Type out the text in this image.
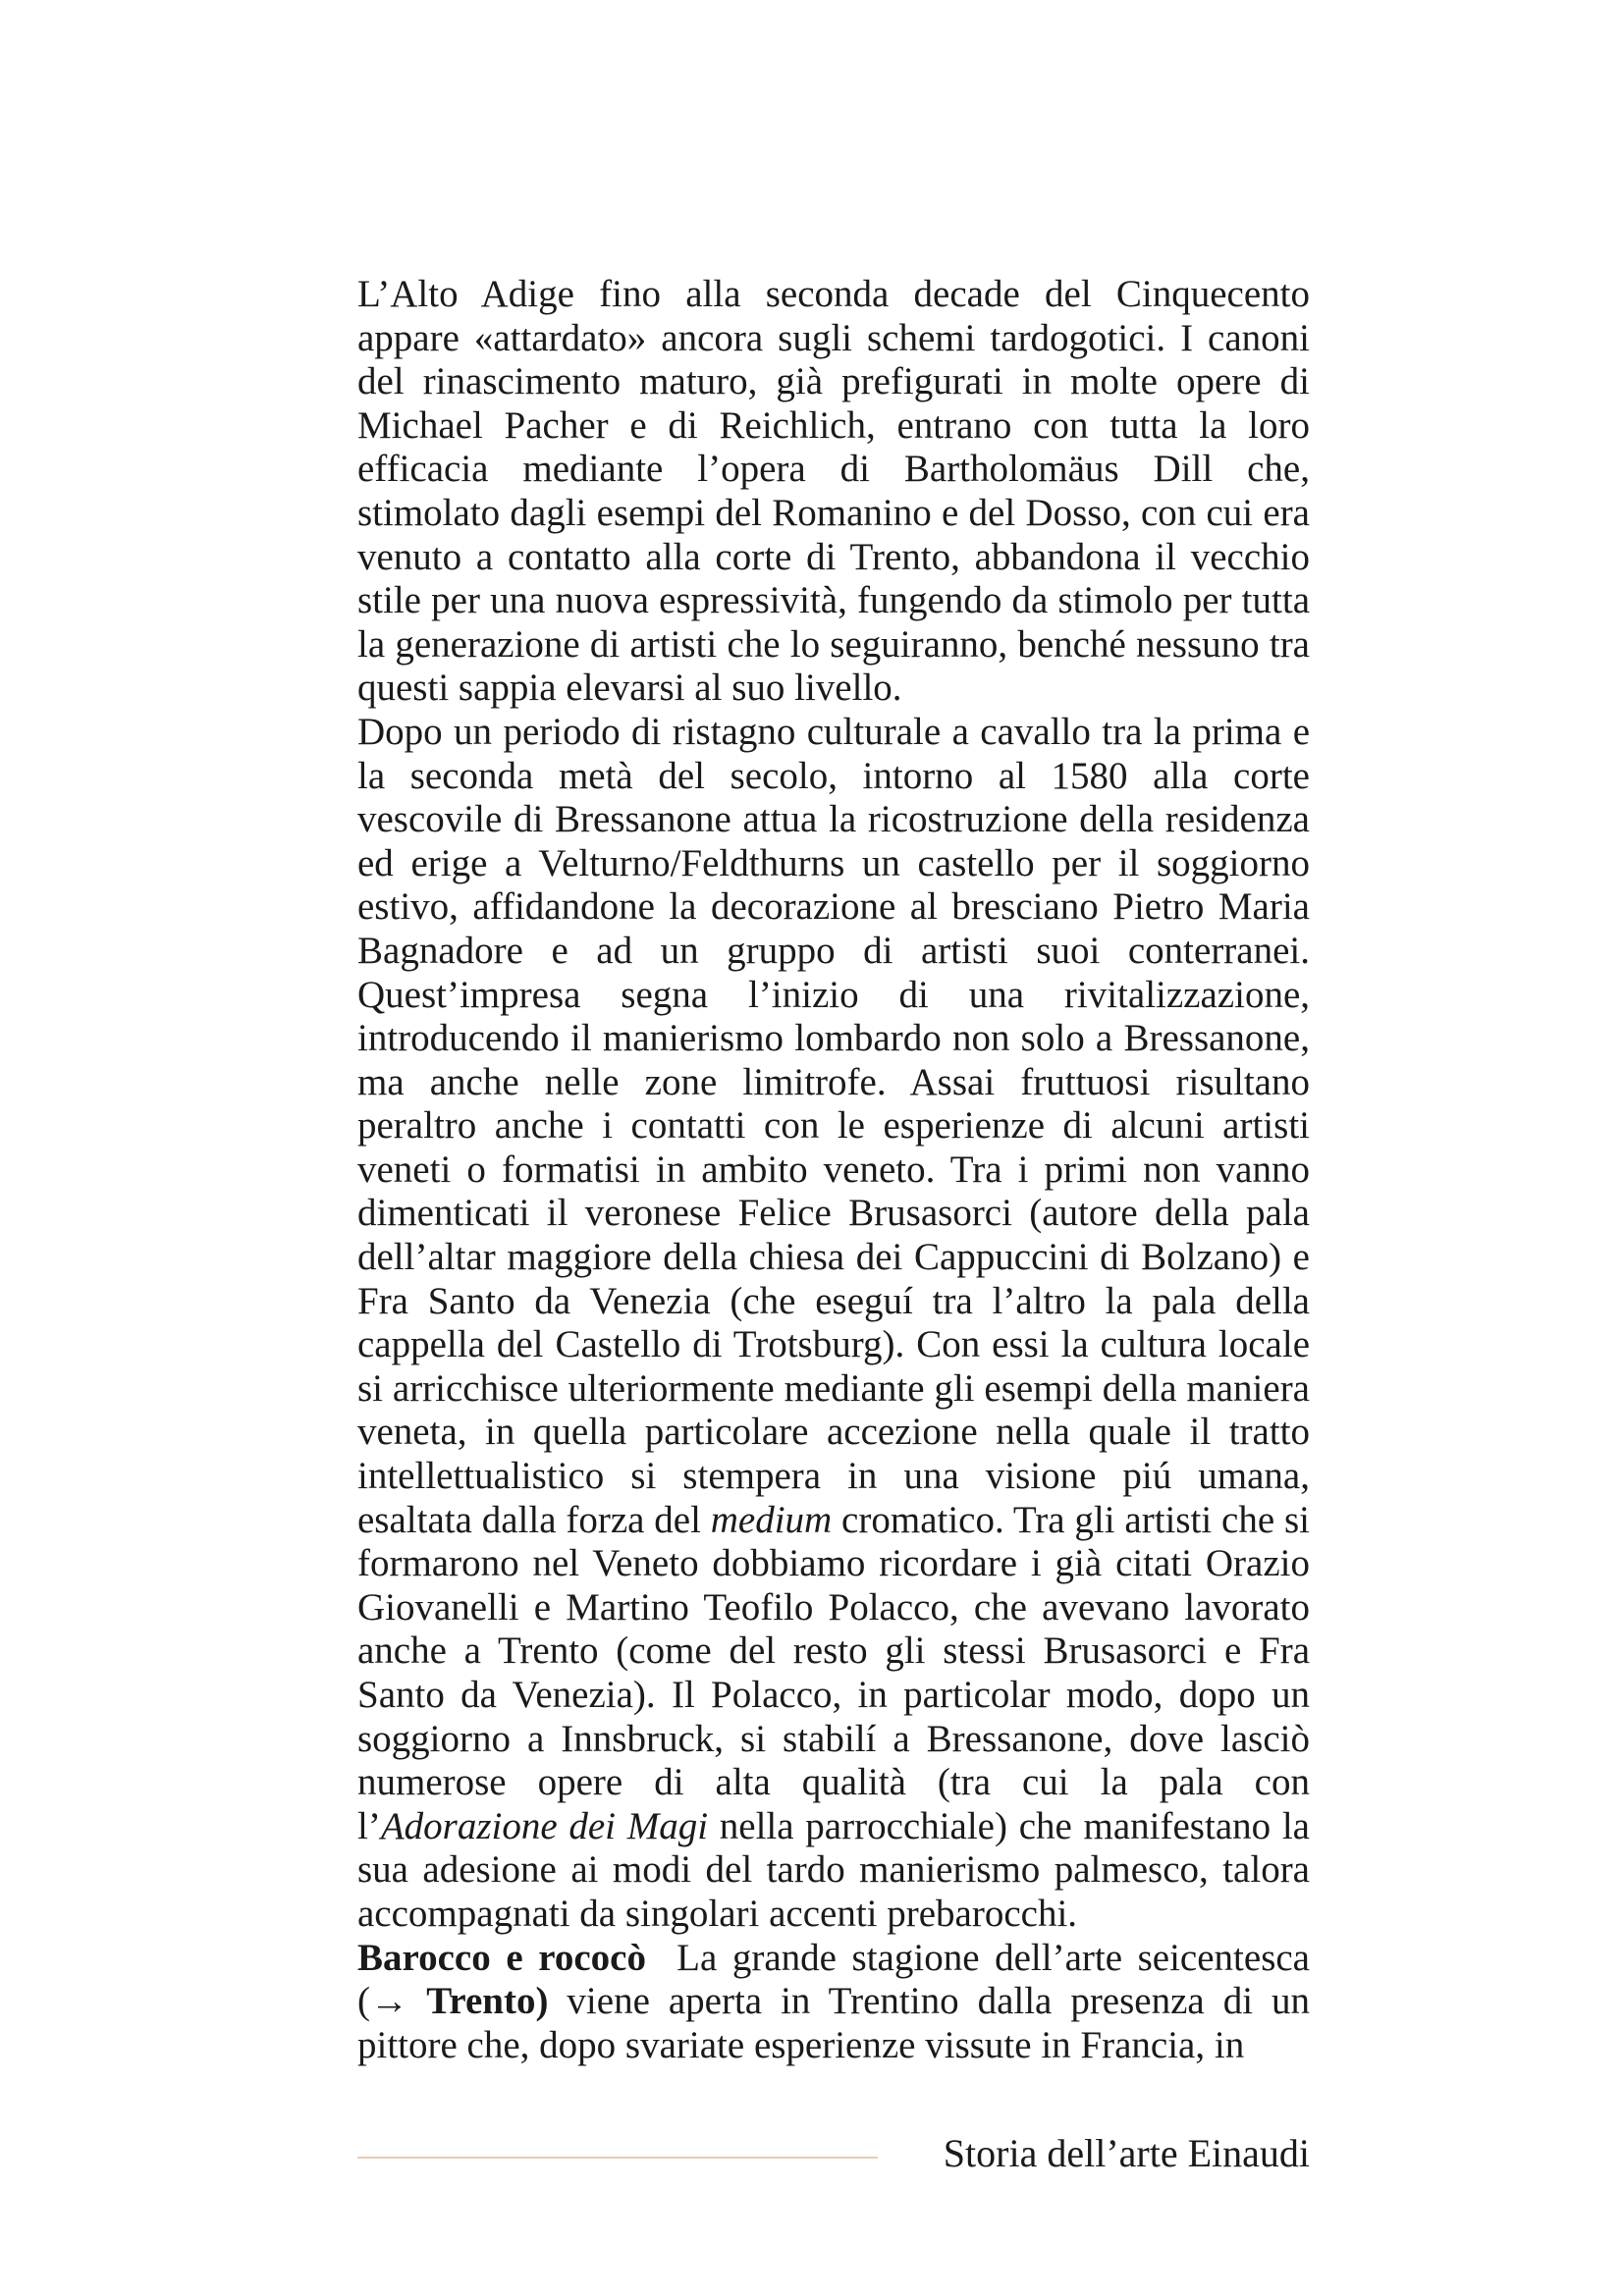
L’Alto Adige fino alla seconda decade del Cinquecento appare «attardato» ancora sugli schemi tardogotici. I canoni del rinascimento maturo, già prefigurati in molte opere di Michael Pacher e di Reichlich, entrano con tutta la loro efficacia mediante l’opera di Bartholomäus Dill che, stimolato dagli esempi del Romanino e del Dosso, con cui era venuto a contatto alla corte di Trento, abbandona il vecchio stile per una nuova espressività, fungendo da stimolo per tutta la generazione di artisti che lo seguiranno, benché nessuno tra questi sappia elevarsi al suo livello.

Dopo un periodo di ristagno culturale a cavallo tra la prima e la seconda metà del secolo, intorno al 1580 alla corte vescovile di Bressanone attua la ricostruzione della residenza ed erige a Velturno/Feldthurns un castello per il soggiorno estivo, affidandone la decorazione al bresciano Pietro Maria Bagnadore e ad un gruppo di artisti suoi conterranei. Quest’impresa segna l’inizio di una rivitalizzazione, introducendo il manierismo lombardo non solo a Bressanone, ma anche nelle zone limitrofe. Assai fruttuosi risultano peraltro anche i contatti con le esperienze di alcuni artisti veneti o formatisi in ambito veneto. Tra i primi non vanno dimenticati il veronese Felice Brusasorci (autore della pala dell’altar maggiore della chiesa dei Cappuccini di Bolzano) e Fra Santo da Venezia (che eseguí tra l’altro la pala della cappella del Castello di Trotsburg). Con essi la cultura locale si arricchisce ulteriormente mediante gli esempi della maniera veneta, in quella particolare accezione nella quale il tratto intellettualistico si stempera in una visione piú umana, esaltata dalla forza del medium cromatico. Tra gli artisti che si formarono nel Veneto dobbiamo ricordare i già citati Orazio Giovanelli e Martino Teofilo Polacco, che avevano lavorato anche a Trento (come del resto gli stessi Brusasorci e Fra Santo da Venezia). Il Polacco, in particolar modo, dopo un soggiorno a Innsbruck, si stabilí a Bressanone, dove lasciò numerose opere di alta qualità (tra cui la pala con l’Adorazione dei Magi nella parrocchiale) che manifestano la sua adesione ai modi del tardo manierismo palmesco, talora accompagnati da singolari accenti prebarocchi.

Barocco e rococò  La grande stagione dell’arte seicentesca (→ Trento) viene aperta in Trentino dalla presenza di un pittore che, dopo svariate esperienze vissute in Francia, in

Storia dell’arte Einaudi
